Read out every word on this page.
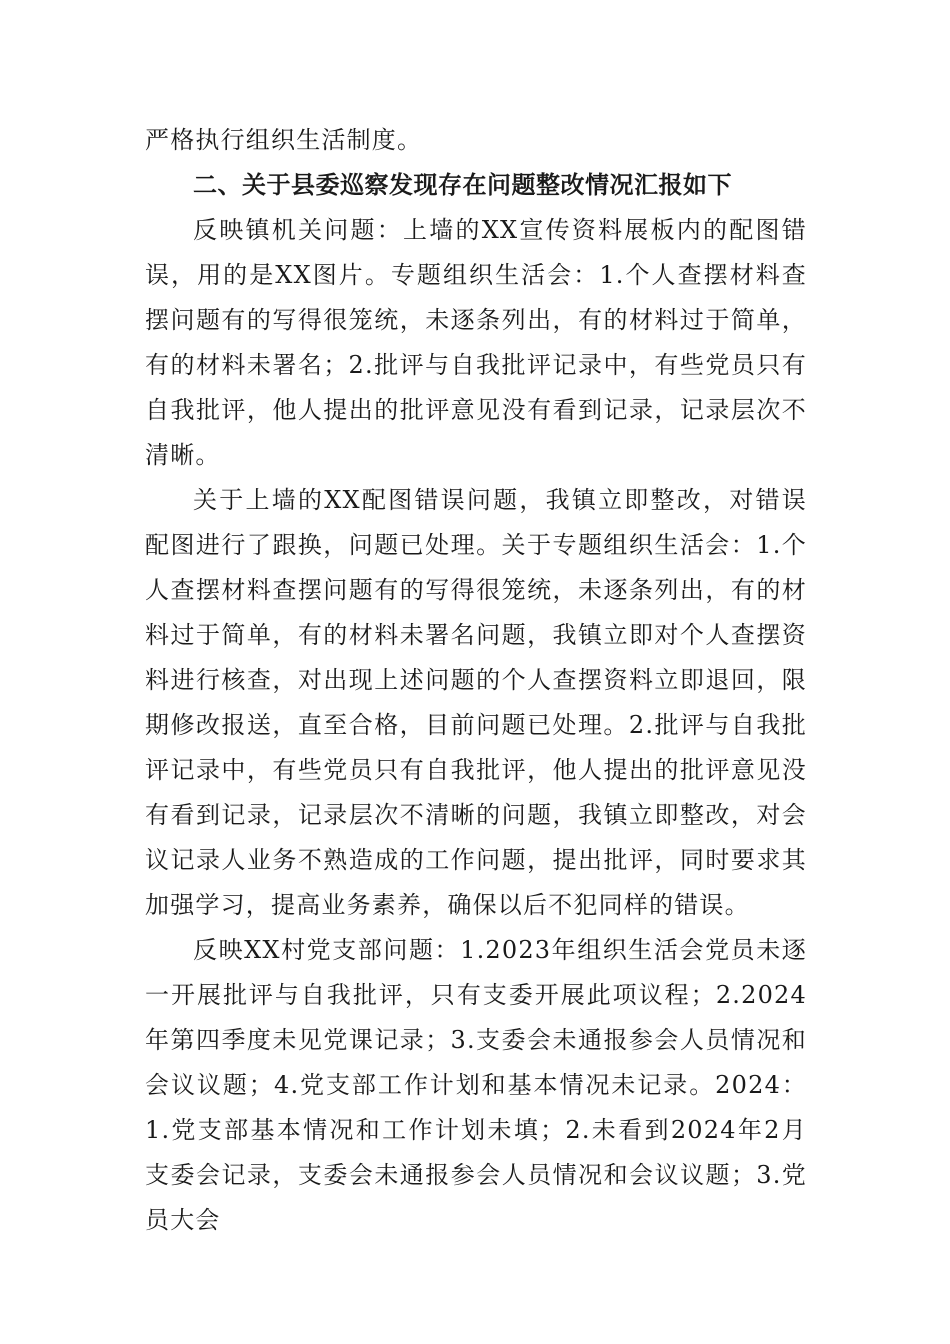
严格执行组织生活制度。

二、关于县委巡察发现存在问题整改情况汇报如下

反映镇机关问题：上墙的XX宣传资料展板内的配图错误，用的是XX图片。专题组织生活会：1.个人查摆材料查摆问题有的写得很笼统，未逐条列出，有的材料过于简单，有的材料未署名；2.批评与自我批评记录中，有些党员只有自我批评，他人提出的批评意见没有看到记录，记录层次不清晰。

关于上墙的XX配图错误问题，我镇立即整改，对错误配图进行了跟换，问题已处理。关于专题组织生活会：1.个人查摆材料查摆问题有的写得很笼统，未逐条列出，有的材料过于简单，有的材料未署名问题，我镇立即对个人查摆资料进行核查，对出现上述问题的个人查摆资料立即退回，限期修改报送，直至合格，目前问题已处理。2.批评与自我批评记录中，有些党员只有自我批评，他人提出的批评意见没有看到记录，记录层次不清晰的问题，我镇立即整改，对会议记录人业务不熟造成的工作问题，提出批评，同时要求其加强学习，提高业务素养，确保以后不犯同样的错误。

反映XX村党支部问题：1.2023年组织生活会党员未逐一开展批评与自我批评，只有支委开展此项议程；2.2024年第四季度未见党课记录；3.支委会未通报参会人员情况和会议议题；4.党支部工作计划和基本情况未记录。2024：1.党支部基本情况和工作计划未填；2.未看到2024年2月支委会记录，支委会未通报参会人员情况和会议议题；3.党员大会
